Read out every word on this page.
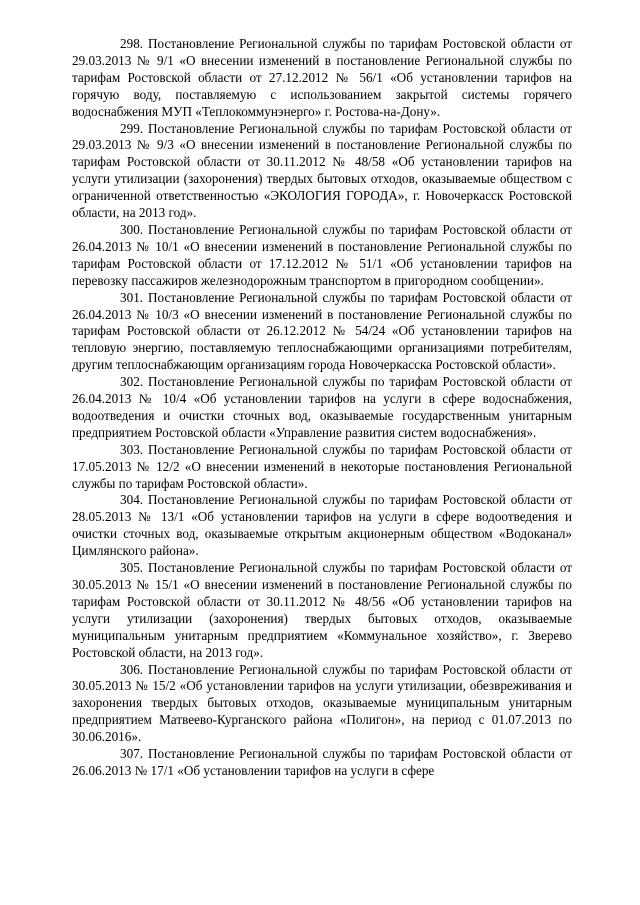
298. Постановление Региональной службы по тарифам Ростовской области от 29.03.2013 № 9/1 «О внесении изменений в постановление Региональной службы по тарифам Ростовской области от 27.12.2012 № 56/1 «Об установлении тарифов на горячую воду, поставляемую с использованием закрытой системы горячего водоснабжения МУП «Теплокоммунэнерго» г. Ростова-на-Дону».

299. Постановление Региональной службы по тарифам Ростовской области от 29.03.2013 № 9/3 «О внесении изменений в постановление Региональной службы по тарифам Ростовской области от 30.11.2012 № 48/58 «Об установлении тарифов на услуги утилизации (захоронения) твердых бытовых отходов, оказываемые обществом с ограниченной ответственностью «ЭКОЛОГИЯ ГОРОДА», г. Новочеркасск Ростовской области, на 2013 год».

300. Постановление Региональной службы по тарифам Ростовской области от 26.04.2013 № 10/1 «О внесении изменений в постановление Региональной службы по тарифам Ростовской области от 17.12.2012 № 51/1 «Об установлении тарифов на перевозку пассажиров железнодорожным транспортом в пригородном сообщении».

301. Постановление Региональной службы по тарифам Ростовской области от 26.04.2013 № 10/3 «О внесении изменений в постановление Региональной службы по тарифам Ростовской области от 26.12.2012 № 54/24 «Об установлении тарифов на тепловую энергию, поставляемую теплоснабжающими организациями потребителям, другим теплоснабжающим организациям города Новочеркасска Ростовской области».

302. Постановление Региональной службы по тарифам Ростовской области от 26.04.2013 № 10/4 «Об установлении тарифов на услуги в сфере водоснабжения, водоотведения и очистки сточных вод, оказываемые государственным унитарным предприятием Ростовской области «Управление развития систем водоснабжения».

303. Постановление Региональной службы по тарифам Ростовской области от 17.05.2013 № 12/2 «О внесении изменений в некоторые постановления Региональной службы по тарифам Ростовской области».

304. Постановление Региональной службы по тарифам Ростовской области от 28.05.2013 № 13/1 «Об установлении тарифов на услуги в сфере водоотведения и очистки сточных вод, оказываемые открытым акционерным обществом «Водоканал» Цимлянского района».

305. Постановление Региональной службы по тарифам Ростовской области от 30.05.2013 № 15/1 «О внесении изменений в постановление Региональной службы по тарифам Ростовской области от 30.11.2012 № 48/56 «Об установлении тарифов на услуги утилизации (захоронения) твердых бытовых отходов, оказываемые муниципальным унитарным предприятием «Коммунальное хозяйство», г. Зверево Ростовской области, на 2013 год».

306. Постановление Региональной службы по тарифам Ростовской области от 30.05.2013 № 15/2 «Об установлении тарифов на услуги утилизации, обезвреживания и захоронения твердых бытовых отходов, оказываемые муниципальным унитарным предприятием Матвеево-Курганского района «Полигон», на период с 01.07.2013 по 30.06.2016».

307. Постановление Региональной службы по тарифам Ростовской области от 26.06.2013 № 17/1 «Об установлении тарифов на услуги в сфере
